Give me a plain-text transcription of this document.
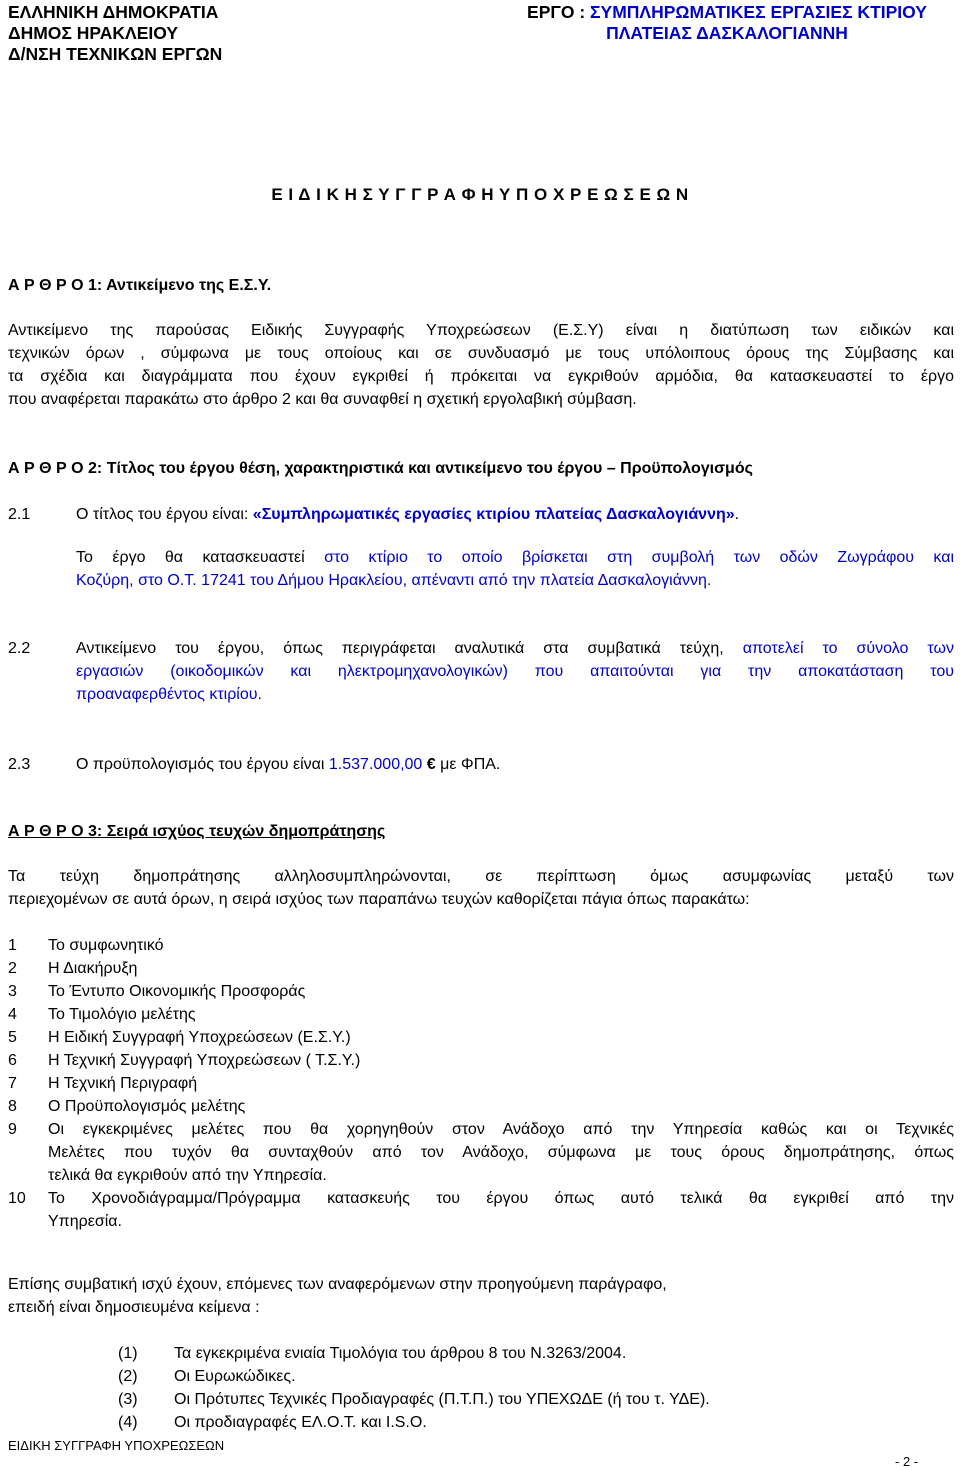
ΕΛΛΗΝΙΚΗ ΔΗΜΟΚΡΑΤΙΑ
ΔΗΜΟΣ ΗΡΑΚΛΕΙΟΥ
Δ/ΝΣΗ ΤΕΧΝΙΚΩΝ ΕΡΓΩΝ
ΕΡΓΟ : ΣΥΜΠΛΗΡΩΜΑΤΙΚΕΣ ΕΡΓΑΣΙΕΣ ΚΤΙΡΙΟΥ
ΠΛΑΤΕΙΑΣ ΔΑΣΚΑΛΟΓΙΑΝΝΗ
Ε Ι Δ Ι Κ Η Σ Υ Γ Γ Ρ Α Φ Η Υ Π Ο Χ Ρ Ε Ω Σ Ε Ω Ν
Α Ρ Θ Ρ Ο 1: Αντικείμενο της Ε.Σ.Υ.
Αντικείμενο της παρούσας Ειδικής Συγγραφής Υποχρεώσεων (Ε.Σ.Υ) είναι η διατύπωση των ειδικών και
τεχνικών όρων , σύμφωνα με τους οποίους και σε συνδυασμό με τους υπόλοιπους όρους της Σύμβασης και
τα σχέδια και διαγράμματα που έχουν εγκριθεί ή πρόκειται να εγκριθούν αρμόδια, θα κατασκευαστεί το έργο
που αναφέρεται παρακάτω στο άρθρο 2 και θα συναφθεί η σχετική εργολαβική σύμβαση.
Α Ρ Θ Ρ Ο 2: Τίτλος του έργου θέση, χαρακτηριστικά και αντικείμενο του έργου – Προϋπολογισμός
2.1	Ο τίτλος του έργου είναι: «Συμπληρωματικές εργασίες κτιρίου πλατείας Δασκαλογιάννη».
Το έργο θα κατασκευαστεί στο κτίριο το οποίο βρίσκεται στη συμβολή των οδών Ζωγράφου και
Κοζύρη, στο Ο.Τ. 17241 του Δήμου Ηρακλείου, απέναντι από την πλατεία Δασκαλογιάννη.
2.2	Αντικείμενο του έργου, όπως περιγράφεται αναλυτικά στα συμβατικά τεύχη, αποτελεί το σύνολο των
εργασιών (οικοδομικών και ηλεκτρομηχανολογικών) που απαιτούνται για την αποκατάσταση του
προαναφερθέντος κτιρίου.
2.3	Ο προϋπολογισμός του έργου είναι 1.537.000,00 € με ΦΠΑ.
Α Ρ Θ Ρ Ο 3: Σειρά ισχύος τευχών δημοπράτησης
Τα τεύχη δημοπράτησης αλληλοσυμπληρώνονται, σε περίπτωση όμως ασυμφωνίας μεταξύ των
περιεχομένων σε αυτά όρων, η σειρά ισχύος των παραπάνω τευχών καθορίζεται πάγια όπως παρακάτω:
1 Το συμφωνητικό
2 Η Διακήρυξη
3 Το Έντυπο Οικονομικής Προσφοράς
4 Το Τιμολόγιο μελέτης
5 Η Ειδική Συγγραφή Υποχρεώσεων (Ε.Σ.Υ.)
6 Η Τεχνική Συγγραφή Υποχρεώσεων ( Τ.Σ.Υ.)
7 Η Τεχνική Περιγραφή
8 Ο Προϋπολογισμός μελέτης
9 Οι εγκεκριμένες μελέτες που θα χορηγηθούν στον Ανάδοχο από την Υπηρεσία καθώς και οι Τεχνικές
Μελέτες που τυχόν θα συνταχθούν από τον Ανάδοχο, σύμφωνα με τους όρους δημοπράτησης, όπως
τελικά θα εγκριθούν από την Υπηρεσία.
10 Το Χρονοδιάγραμμα/Πρόγραμμα κατασκευής του έργου όπως αυτό τελικά θα εγκριθεί από την
Υπηρεσία.
Επίσης συμβατική ισχύ έχουν, επόμενες των αναφερόμενων στην προηγούμενη παράγραφο,
επειδή είναι δημοσιευμένα κείμενα :
(1) Τα εγκεκριμένα ενιαία Τιμολόγια του άρθρου 8 του Ν.3263/2004.
(2) Οι Ευρωκώδικες.
(3) Οι Πρότυπες Τεχνικές Προδιαγραφές (Π.Τ.Π.) του ΥΠΕΧΩΔΕ (ή του τ. ΥΔΕ).
(4) Οι προδιαγραφές ΕΛ.Ο.Τ. και I.S.O.
ΕΙΔΙΚΗ ΣΥΓΓΡΑΦΗ ΥΠΟΧΡΕΩΣΕΩΝ
- 2 -
